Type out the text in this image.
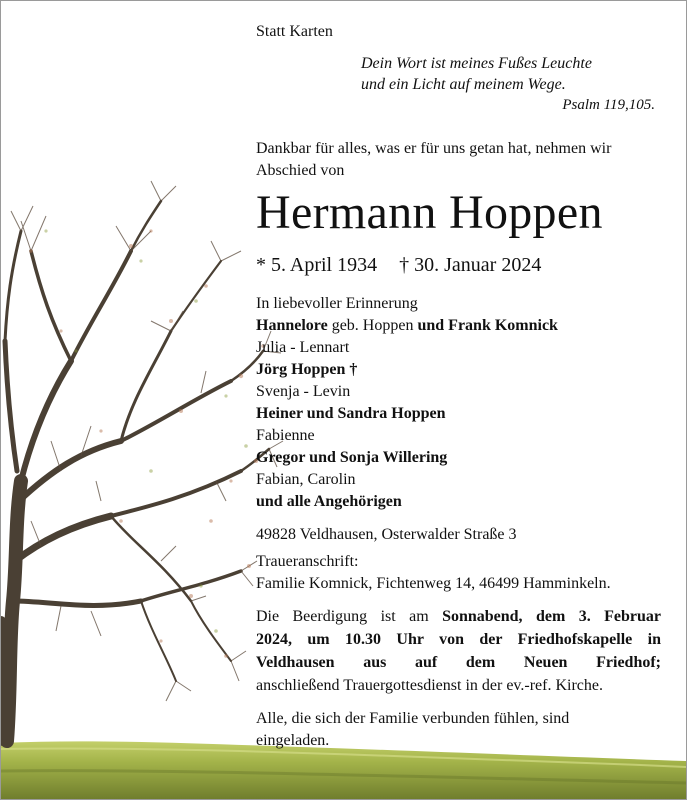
Statt Karten
Dein Wort ist meines Fußes Leuchte
und ein Licht auf meinem Wege.
Psalm 119,105.
Dankbar für alles, was er für uns getan hat, nehmen wir
Abschied von
Hermann Hoppen
* 5. April 1934 † 30. Januar 2024
In liebevoller Erinnerung
Hannelore geb. Hoppen und Frank Komnick
Julia - Lennart
Jörg Hoppen †
Svenja - Levin
Heiner und Sandra Hoppen
Fabienne
Gregor und Sonja Willering
Fabian, Carolin
und alle Angehörigen
49828 Veldhausen, Osterwalder Straße 3
Traueranschrift:
Familie Komnick, Fichtenweg 14, 46499 Hamminkeln.
Die Beerdigung ist am Sonnabend, dem 3. Februar
2024, um 10.30 Uhr von der Friedhofskapelle in
Veldhausen aus auf dem Neuen Friedhof;
anschließend Trauergottesdienst in der ev.-ref. Kirche.
Alle, die sich der Familie verbunden fühlen, sind
eingeladen.
